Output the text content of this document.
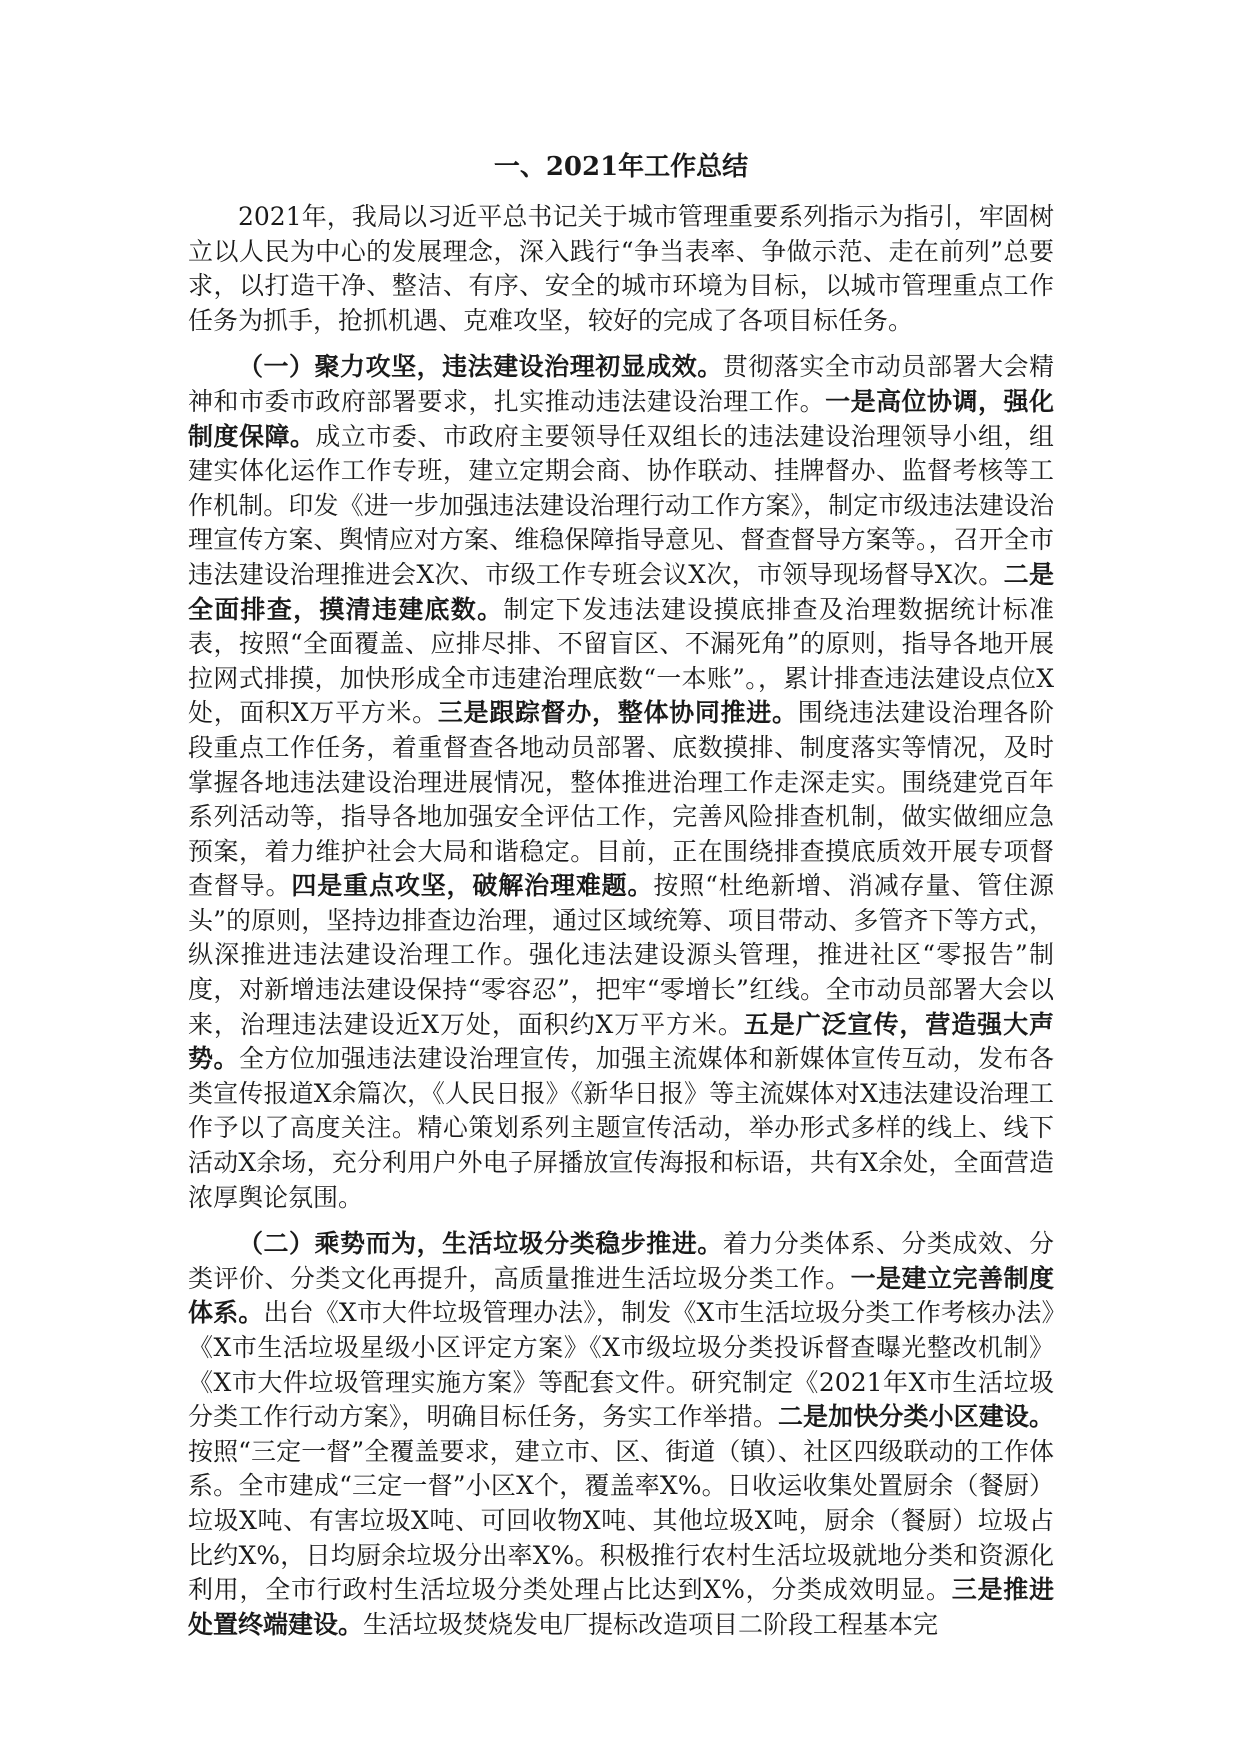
一、2021年工作总结

2021年，我局以习近平总书记关于城市管理重要系列指示为指引，牢固树立以人民为中心的发展理念，深入践行“争当表率、争做示范、走在前列”总要求，以打造干净、整洁、有序、安全的城市环境为目标，以城市管理重点工作任务为抓手，抢抓机遇、克难攻坚，较好的完成了各项目标任务。

（一）聚力攻坚，违法建设治理初显成效。贯彻落实全市动员部署大会精神和市委市政府部署要求，扎实推动违法建设治理工作。一是高位协调，强化制度保障。成立市委、市政府主要领导任双组长的违法建设治理领导小组，组建实体化运作工作专班，建立定期会商、协作联动、挂牌督办、监督考核等工作机制。印发《进一步加强违法建设治理行动工作方案》，制定市级违法建设治理宣传方案、舆情应对方案、维稳保障指导意见、督查督导方案等。，召开全市违法建设治理推进会X次、市级工作专班会议X次，市领导现场督导X次。二是全面排查，摸清违建底数。制定下发违法建设摸底排查及治理数据统计标准表，按照“全面覆盖、应排尽排、不留盲区、不漏死角”的原则，指导各地开展拉网式排摸，加快形成全市违建治理底数“一本账”。，累计排查违法建设点位X处，面积X万平方米。三是跟踪督办，整体协同推进。围绕违法建设治理各阶段重点工作任务，着重督查各地动员部署、底数摸排、制度落实等情况，及时掌握各地违法建设治理进展情况，整体推进治理工作走深走实。围绕建党百年系列活动等，指导各地加强安全评估工作，完善风险排查机制，做实做细应急预案，着力维护社会大局和谐稳定。目前，正在围绕排查摸底质效开展专项督查督导。四是重点攻坚，破解治理难题。按照“杜绝新增、消减存量、管住源头”的原则，坚持边排查边治理，通过区域统筹、项目带动、多管齐下等方式，纵深推进违法建设治理工作。强化违法建设源头管理，推进社区“零报告”制度，对新增违法建设保持“零容忍”，把牢“零增长”红线。全市动员部署大会以来，治理违法建设近X万处，面积约X万平方米。五是广泛宣传，营造强大声势。全方位加强违法建设治理宣传，加强主流媒体和新媒体宣传互动，发布各类宣传报道X余篇次，《人民日报》《新华日报》等主流媒体对X违法建设治理工作予以了高度关注。精心策划系列主题宣传活动，举办形式多样的线上、线下活动X余场，充分利用户外电子屏播放宣传海报和标语，共有X余处，全面营造浓厚舆论氛围。

（二）乘势而为，生活垃圾分类稳步推进。着力分类体系、分类成效、分类评价、分类文化再提升，高质量推进生活垃圾分类工作。一是建立完善制度体系。出台《X市大件垃圾管理办法》，制发《X市生活垃圾分类工作考核办法》《X市生活垃圾星级小区评定方案》《X市级垃圾分类投诉督查曝光整改机制》《X市大件垃圾管理实施方案》等配套文件。研究制定《2021年X市生活垃圾分类工作行动方案》，明确目标任务，务实工作举措。二是加快分类小区建设。按照“三定一督”全覆盖要求，建立市、区、街道（镇）、社区四级联动的工作体系。全市建成“三定一督”小区X个，覆盖率X%。日收运收集处置厨余（餐厨）垃圾X吨、有害垃圾X吨、可回收物X吨、其他垃圾X吨，厨余（餐厨）垃圾占比约X%，日均厨余垃圾分出率X%。积极推行农村生活垃圾就地分类和资源化利用，全市行政村生活垃圾分类处理占比达到X%，分类成效明显。三是推进处置终端建设。生活垃圾焚烧发电厂提标改造项目二阶段工程基本完
